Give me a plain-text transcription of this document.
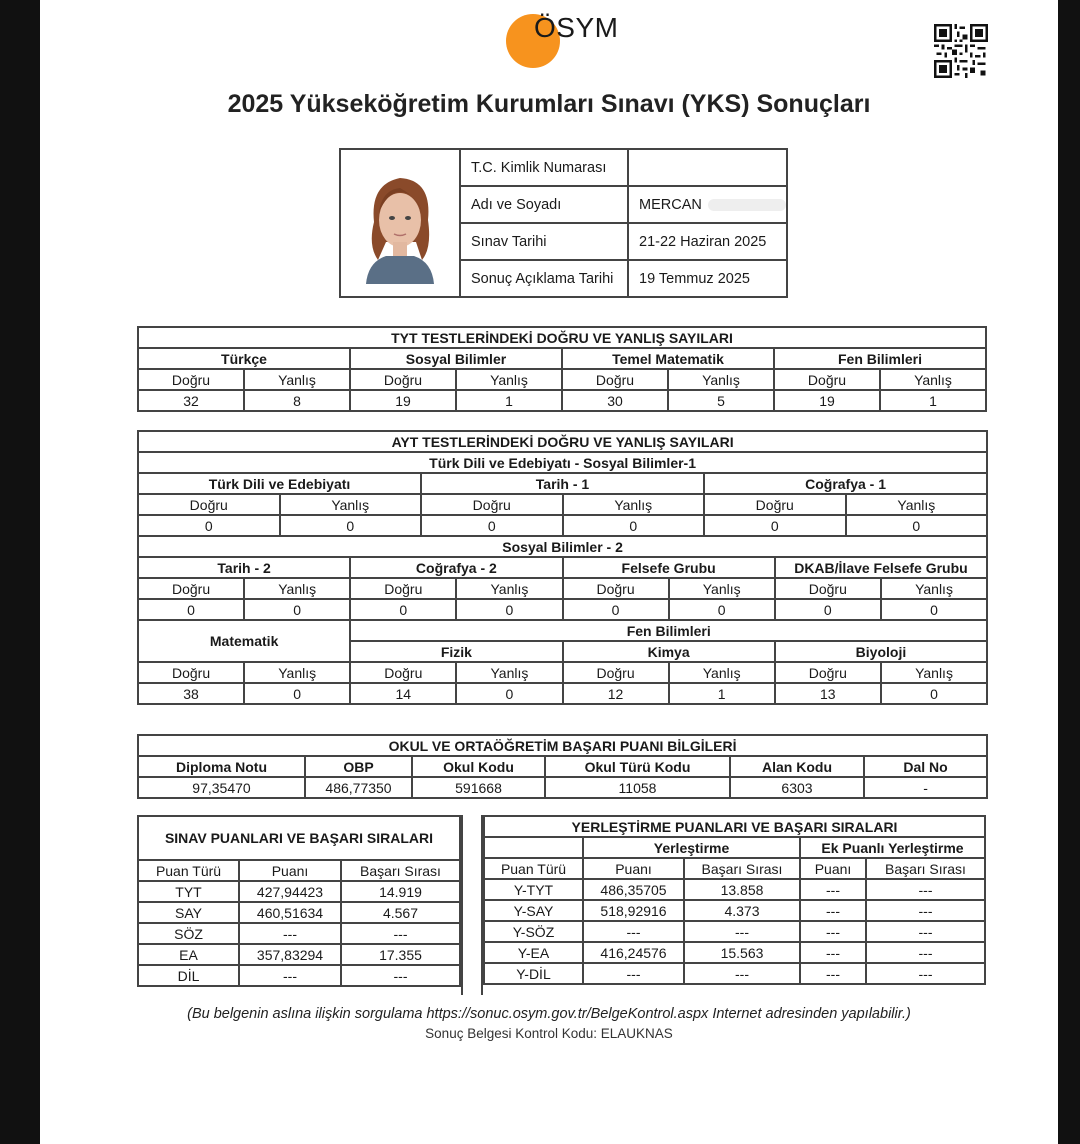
ÖSYM
2025 Yükseköğretim Kurumları Sınavı (YKS) Sonuçları
	T.C. Kimlik Numarası	
	Adı ve Soyadı	MERCAN
	Sınav Tarihi	21-22 Haziran 2025
	Sonuç Açıklama Tarihi	19 Temmuz 2025
TYT TESTLERİNDEKİ DOĞRU VE YANLIŞ SAYILARI							
Türkçe		Sosyal Bilimler		Temel Matematik		Fen Bilimleri	
Doğru	Yanlış	Doğru	Yanlış	Doğru	Yanlış	Doğru	Yanlış
32	8	19	1	30	5	19	1
AYT TESTLERİNDEKİ DOĞRU VE YANLIŞ SAYILARI											
Türk Dili ve Edebiyatı - Sosyal Bilimler-1											
Türk Dili ve Edebiyatı				Tarih - 1				Coğrafya - 1			
Doğru		Yanlış		Doğru		Yanlış		Doğru		Yanlış	
0		0		0		0		0		0	
Sosyal Bilimler - 2											
Tarih - 2			Coğrafya - 2			Felsefe Grubu			DKAB/İlave Felsefe Grubu		
Doğru	Yanlış		Doğru		Yanlış	Doğru	Yanlış		Doğru		Yanlış
0	0		0		0	0	0		0		0
Matematik			Fen Bilimleri								
			Fizik			Kimya			Biyoloji		
Doğru	Yanlış		Doğru		Yanlış	Doğru	Yanlış		Doğru		Yanlış
38	0		14		0	12	1		13		0
OKUL VE ORTAÖĞRETİM BAŞARI PUANI BİLGİLERİ					
Diploma Notu	OBP	Okul Kodu	Okul Türü Kodu	Alan Kodu	Dal No
97,35470	486,77350	591668	11058	6303	-
SINAV PUANLARI VE BAŞARI SIRALARI		
Puan Türü	Puanı	Başarı Sırası
TYT	427,94423	14.919
SAY	460,51634	4.567
SÖZ	---	---
EA	357,83294	17.355
DİL	---	---
YERLEŞTİRME PUANLARI VE BAŞARI SIRALARI				
	Yerleştirme		Ek Puanlı Yerleştirme	
Puan Türü	Puanı	Başarı Sırası	Puanı	Başarı Sırası
Y-TYT	486,35705	13.858	---	---
Y-SAY	518,92916	4.373	---	---
Y-SÖZ	---	---	---	---
Y-EA	416,24576	15.563	---	---
Y-DİL	---	---	---	---
(Bu belgenin aslına ilişkin sorgulama https://sonuc.osym.gov.tr/BelgeKontrol.aspx Internet adresinden yapılabilir.)
Sonuç Belgesi Kontrol Kodu: ELAUKNAS
